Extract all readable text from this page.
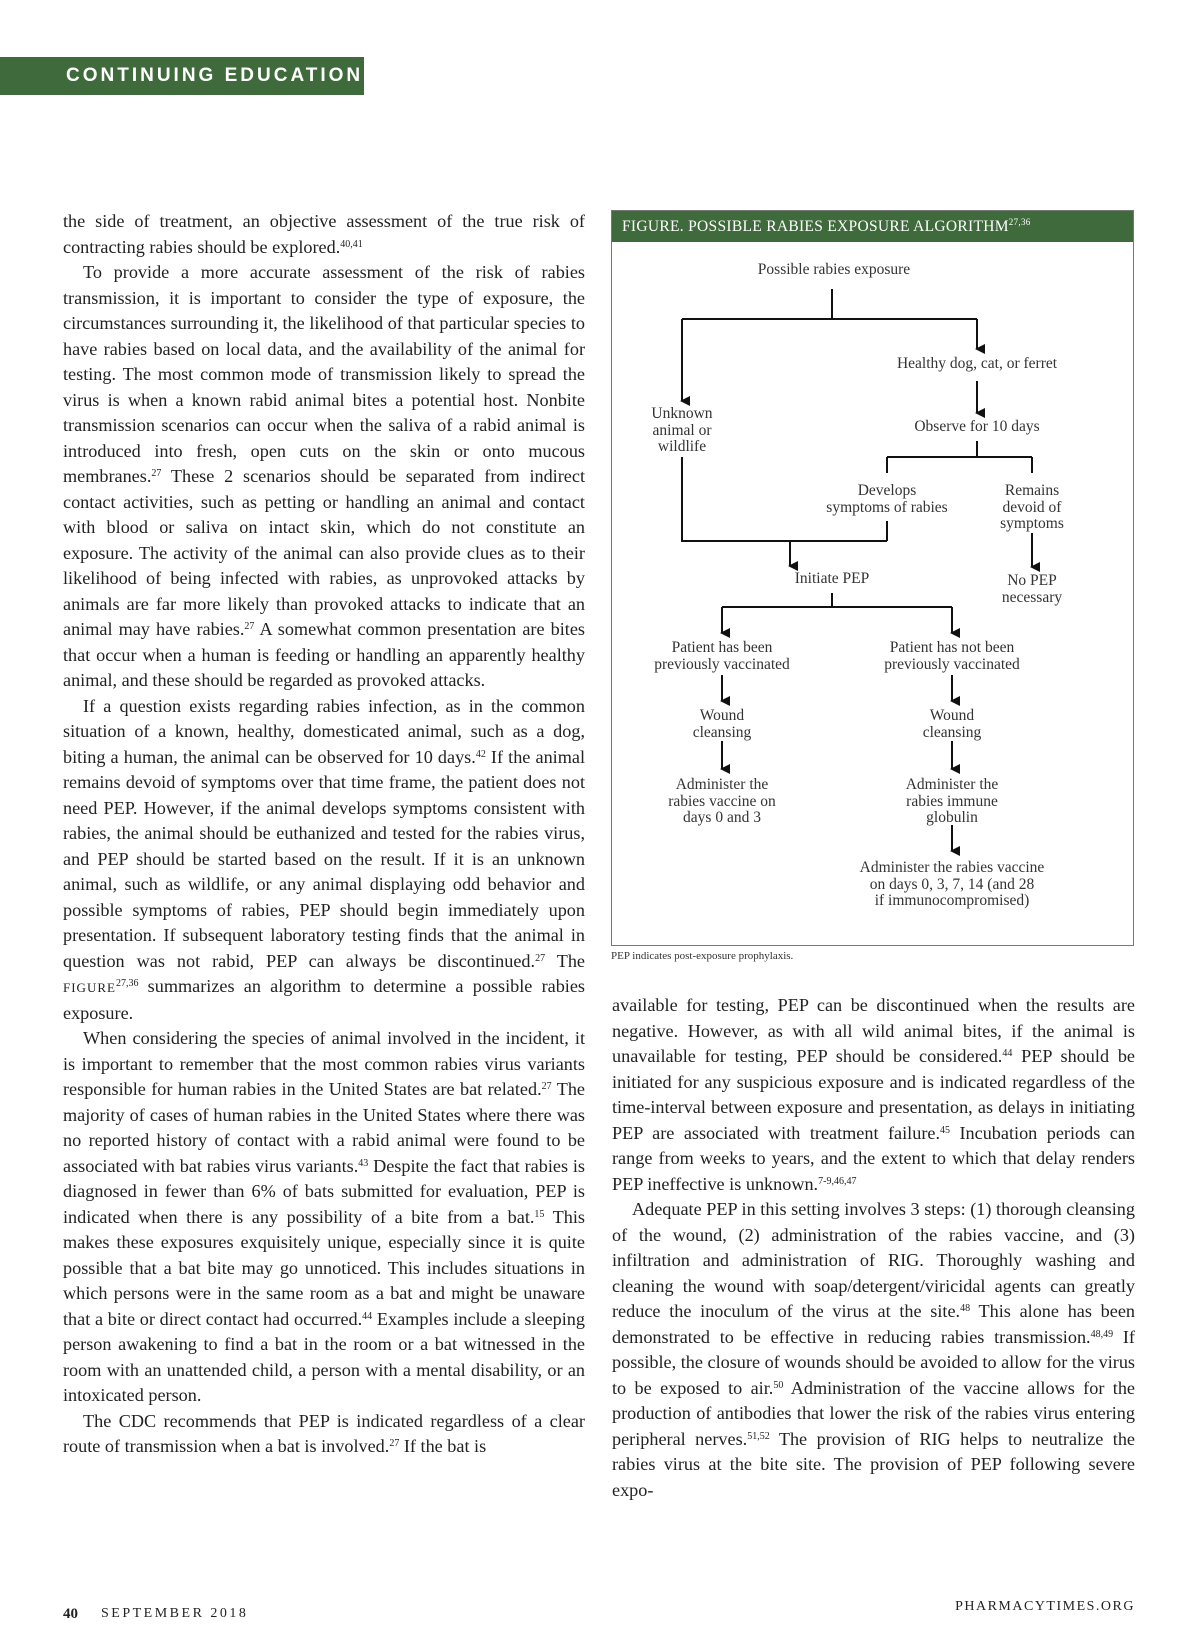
CONTINUING EDUCATION

the side of treatment, an objective assessment of the true risk of contracting rabies should be explored.$^{40,41}$

To provide a more accurate assessment of the risk of rabies transmission, it is important to consider the type of exposure, the circumstances surrounding it, the likelihood of that particular species to have rabies based on local data, and the availability of the animal for testing. The most common mode of transmission likely to spread the virus is when a known rabid animal bites a potential host. Nonbite transmission scenarios can occur when the saliva of a rabid animal is introduced into fresh, open cuts on the skin or onto mucous membranes.$^{27}$ These 2 scenarios should be separated from indirect contact activities, such as petting or handling an animal and contact with blood or saliva on intact skin, which do not constitute an exposure. The activity of the animal can also provide clues as to their likelihood of being infected with rabies, as unprovoked attacks by animals are far more likely than provoked attacks to indicate that an animal may have rabies.$^{27}$ A somewhat common presentation are bites that occur when a human is feeding or handling an apparently healthy animal, and these should be regarded as provoked attacks.

If a question exists regarding rabies infection, as in the common situation of a known, healthy, domesticated animal, such as a dog, biting a human, the animal can be observed for 10 days.$^{42}$ If the animal remains devoid of symptoms over that time frame, the patient does not need PEP. However, if the animal develops symptoms consistent with rabies, the animal should be euthanized and tested for the rabies virus, and PEP should be started based on the result. If it is an unknown animal, such as wildlife, or any animal displaying odd behavior and possible symptoms of rabies, PEP should begin immediately upon presentation. If subsequent laboratory testing finds that the animal in question was not rabid, PEP can always be discontinued.$^{27}$ The FIGURE$^{27,36}$ summarizes an algorithm to determine a possible rabies exposure.

When considering the species of animal involved in the incident, it is important to remember that the most common rabies virus variants responsible for human rabies in the United States are bat related.$^{27}$ The majority of cases of human rabies in the United States where there was no reported history of contact with a rabid animal were found to be associated with bat rabies virus variants.$^{43}$ Despite the fact that rabies is diagnosed in fewer than 6% of bats submitted for evaluation, PEP is indicated when there is any possibility of a bite from a bat.$^{15}$ This makes these exposures exquisitely unique, especially since it is quite possible that a bat bite may go unnoticed. This includes situations in which persons were in the same room as a bat and might be unaware that a bite or direct contact had occurred.$^{44}$ Examples include a sleeping person awakening to find a bat in the room or a bat witnessed in the room with an unattended child, a person with a mental disability, or an intoxicated person.

The CDC recommends that PEP is indicated regardless of a clear route of transmission when a bat is involved.$^{27}$ If the bat is

FIGURE. POSSIBLE RABIES EXPOSURE ALGORITHM$^{27,36}$
Possible rabies exposure
Healthy dog, cat, or ferret
Unknown
animal or
wildlife
Observe for 10 days
Develops
symptoms of rabies
Remains
devoid of
symptoms
Initiate PEP	No PEP
necessary
Patient has been
previously vaccinated
Patient has not been
previously vaccinated
Wound
cleansing
Wound
cleansing
Administer the
rabies vaccine on
days 0 and 3
Administer the
rabies immune
globulin
Administer the rabies vaccine
on days 0, 3, 7, 14 (and 28
if immunocompromised)
PEP indicates post-exposure prophylaxis.

available for testing, PEP can be discontinued when the results are negative. However, as with all wild animal bites, if the animal is unavailable for testing, PEP should be considered.$^{44}$ PEP should be initiated for any suspicious exposure and is indicated regardless of the time-interval between exposure and presentation, as delays in initiating PEP are associated with treatment failure.$^{45}$ Incubation periods can range from weeks to years, and the extent to which that delay renders PEP ineffective is unknown.$^{7-9,46,47}$

Adequate PEP in this setting involves 3 steps: (1) thorough cleansing of the wound, (2) administration of the rabies vaccine, and (3) infiltration and administration of RIG. Thoroughly washing and cleaning the wound with soap/detergent/viricidal agents can greatly reduce the inoculum of the virus at the site.$^{48}$ This alone has been demonstrated to be effective in reducing rabies transmission.$^{48,49}$ If possible, the closure of wounds should be avoided to allow for the virus to be exposed to air.$^{50}$ Administration of the vaccine allows for the production of antibodies that lower the risk of the rabies virus entering peripheral nerves.$^{51,52}$ The provision of RIG helps to neutralize the rabies virus at the bite site. The provision of PEP following severe expo-

40 SEPTEMBER 2018	PHARMACYTIMES.ORG
